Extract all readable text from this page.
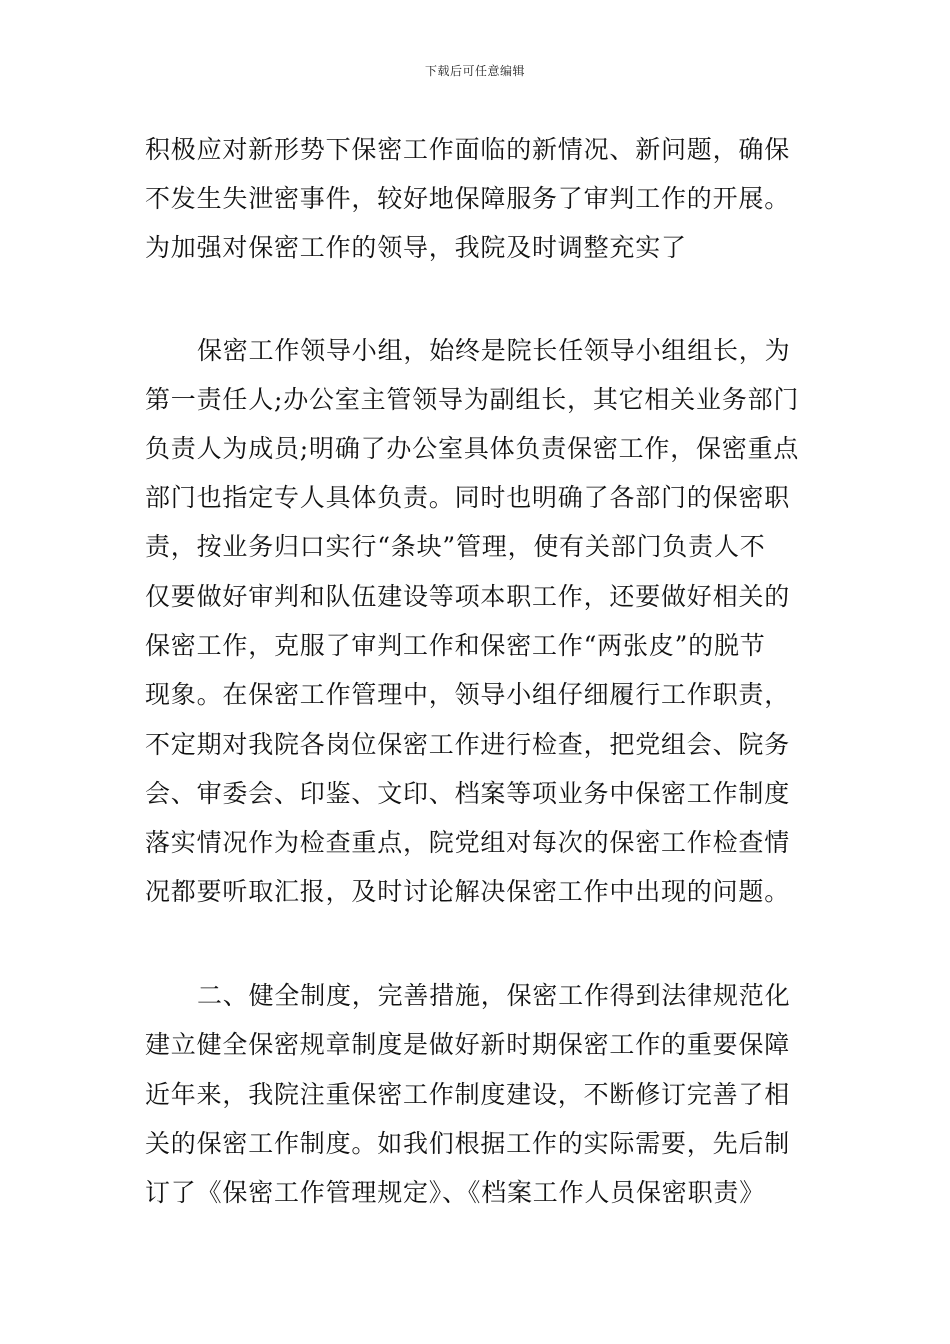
下载后可任意编辑
积极应对新形势下保密工作面临的新情况、新问题，确保
不发生失泄密事件，较好地保障服务了审判工作的开展。
为加强对保密工作的领导，我院及时调整充实了
保密工作领导小组，始终是院长任领导小组组长，为
第一责任人;办公室主管领导为副组长，其它相关业务部门
负责人为成员;明确了办公室具体负责保密工作，保密重点
部门也指定专人具体负责。同时也明确了各部门的保密职
责，按业务归口实行“条块”管理，使有关部门负责人不
仅要做好审判和队伍建设等项本职工作，还要做好相关的
保密工作，克服了审判工作和保密工作“两张皮”的脱节
现象。在保密工作管理中，领导小组仔细履行工作职责，
不定期对我院各岗位保密工作进行检查，把党组会、院务
会、审委会、印鉴、文印、档案等项业务中保密工作制度
落实情况作为检查重点，院党组对每次的保密工作检查情
况都要听取汇报，及时讨论解决保密工作中出现的问题。
二、健全制度，完善措施，保密工作得到法律规范化
建立健全保密规章制度是做好新时期保密工作的重要保障
近年来，我院注重保密工作制度建设，不断修订完善了相
关的保密工作制度。如我们根据工作的实际需要，先后制
订了《保密工作管理规定》、《档案工作人员保密职责》
